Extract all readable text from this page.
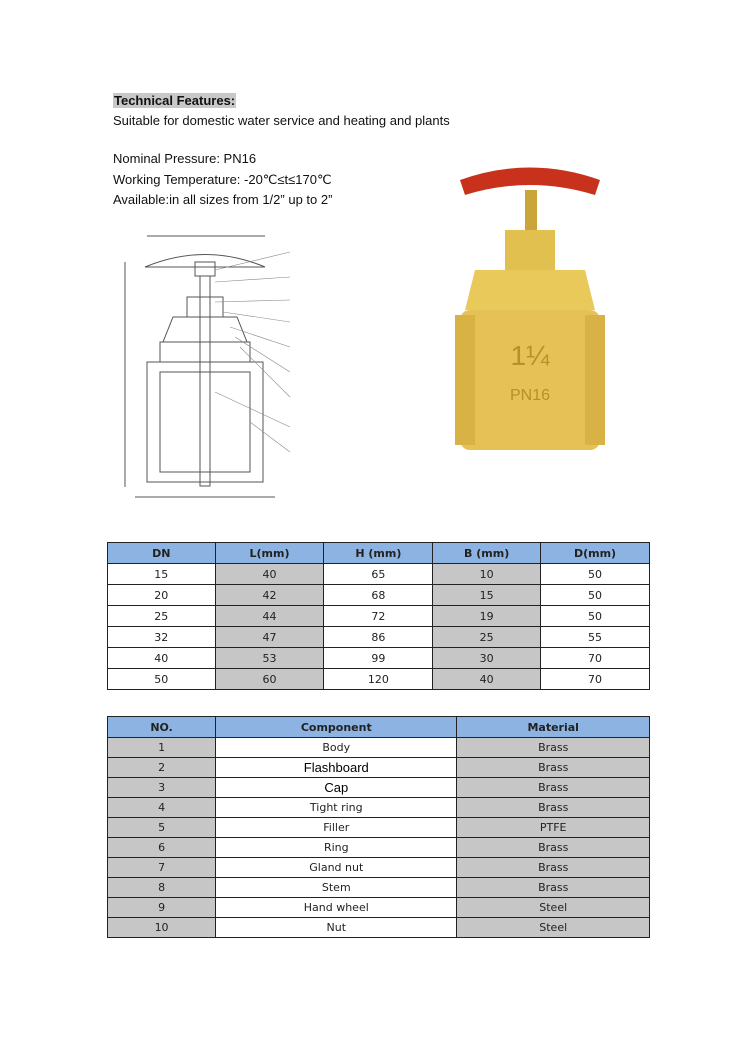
Technical Features:
Suitable for domestic water service and heating and plants
Nominal Pressure: PN16
Working Temperature: -20℃≤t≤170℃
Available:in all sizes from 1/2” up to 2”
1¼
PN16
DN	L(mm)	H (mm)	B (mm)	D(mm)
15	40	65	10	50
20	42	68	15	50
25	44	72	19	50
32	47	86	25	55
40	53	99	30	70
50	60	120	40	70
NO.	Component	Material
1	Body	Brass
2	Flashboard	Brass
3	Cap	Brass
4	Tight ring	Brass
5	Filler	PTFE
6	Ring	Brass
7	Gland nut	Brass
8	Stem	Brass
9	Hand wheel	Steel
10	Nut	Steel
